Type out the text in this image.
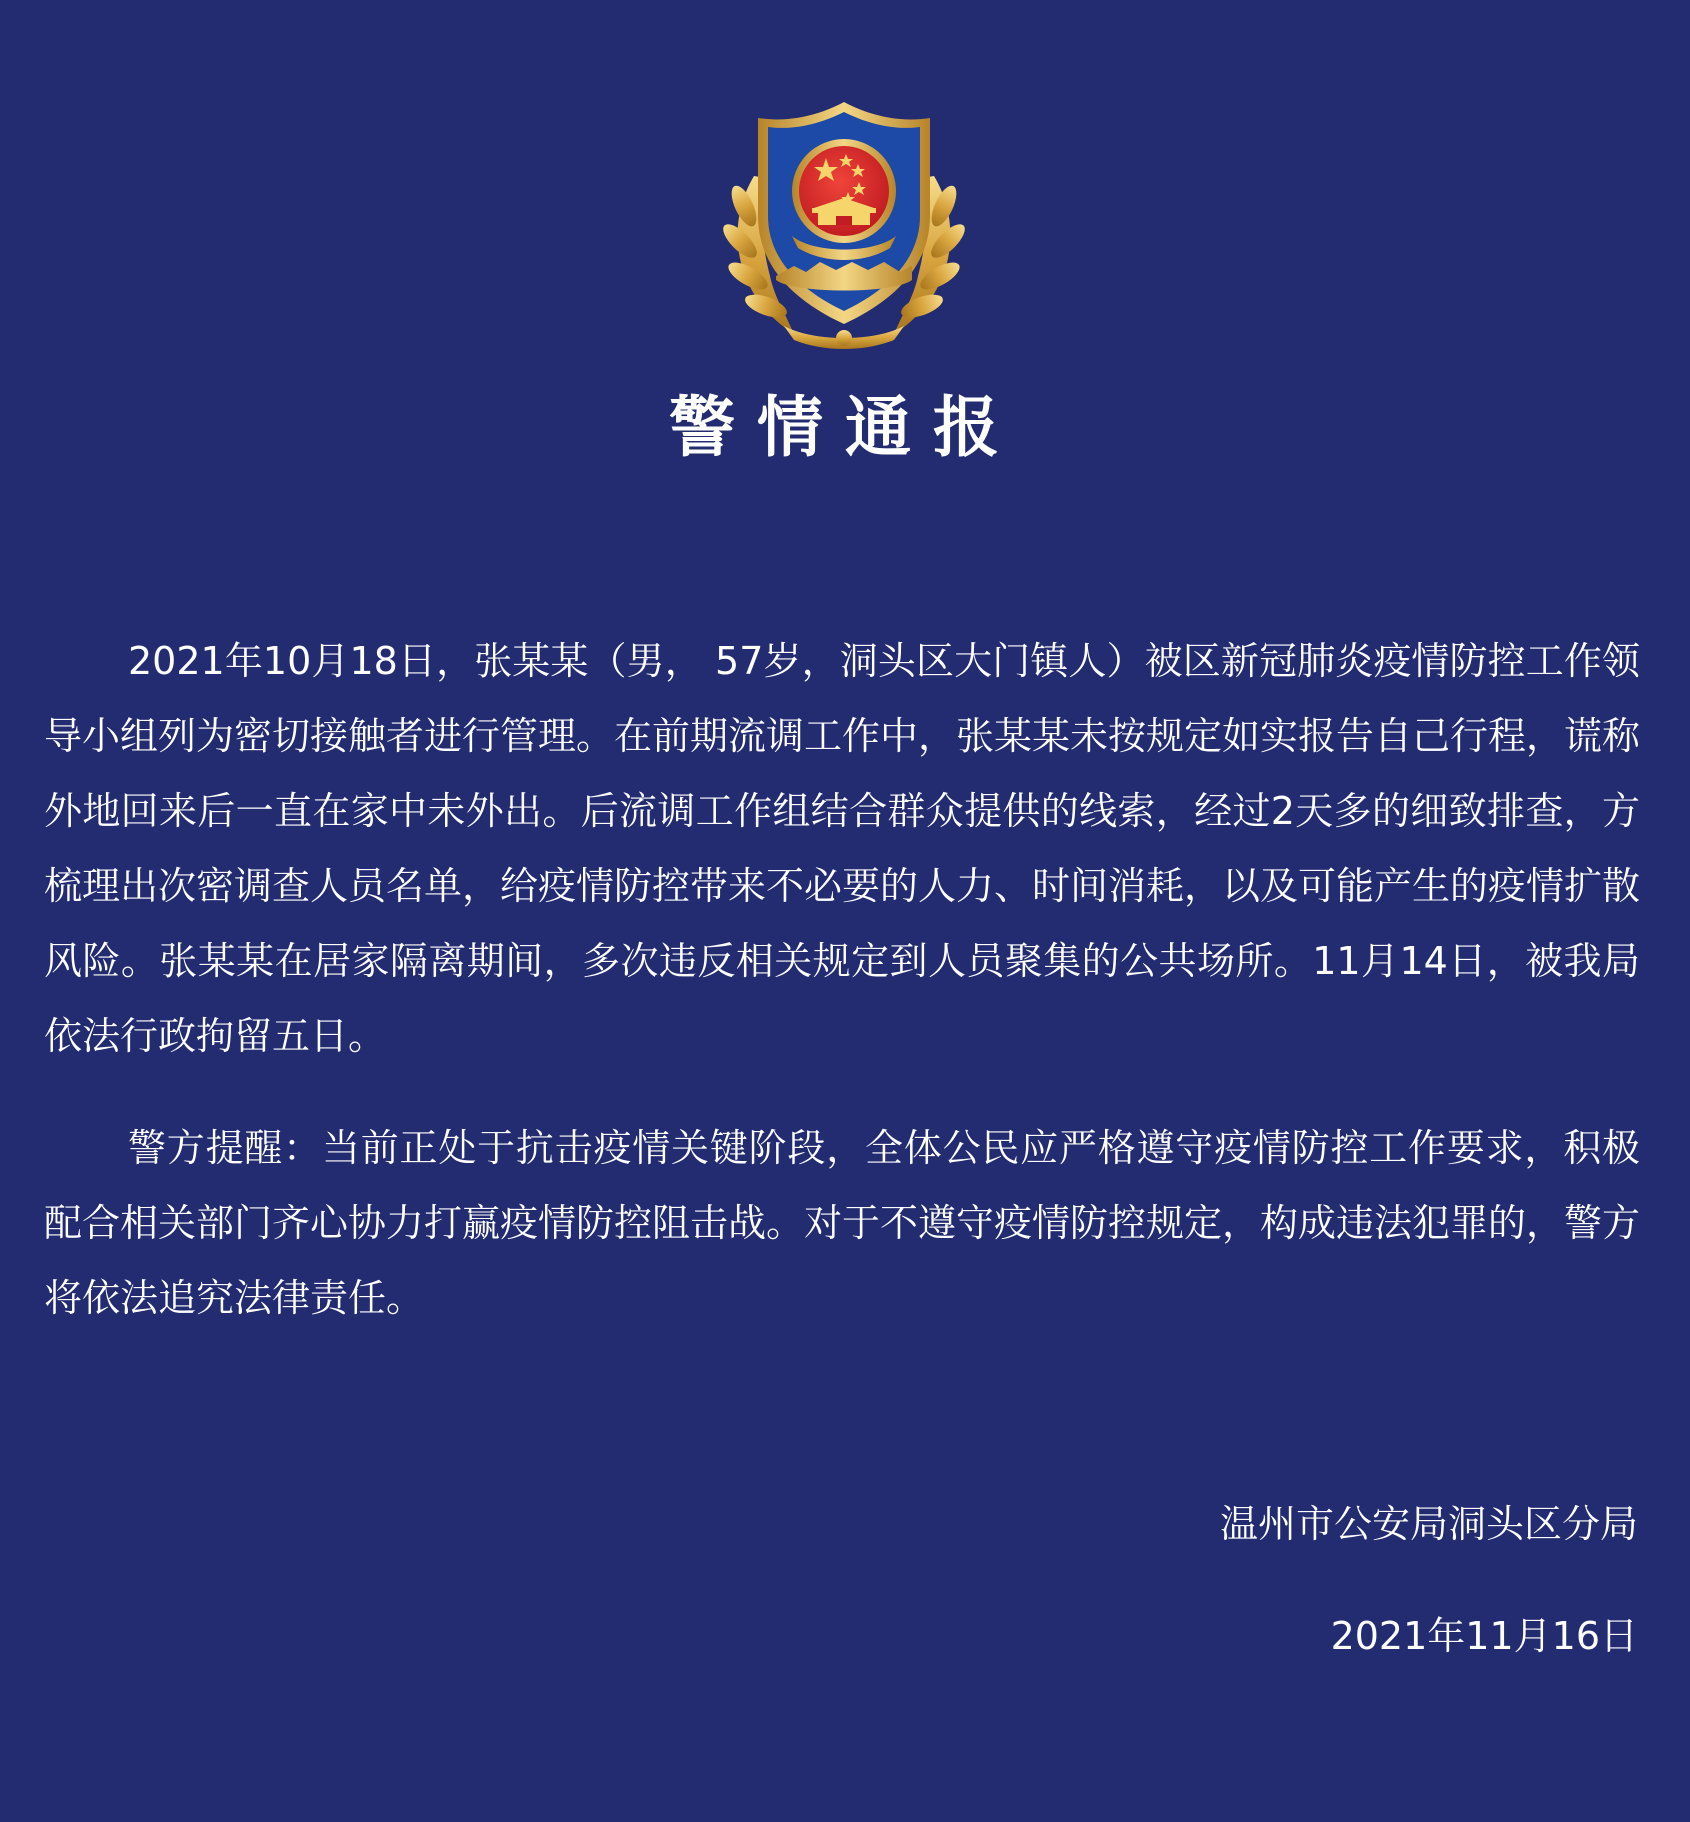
警情通报

2021年10月18日，张某某（男， 57岁，洞头区大门镇人）被区新冠肺炎疫情防控工作领导小组列为密切接触者进行管理。在前期流调工作中，张某某未按规定如实报告自己行程，谎称外地回来后一直在家中未外出。后流调工作组结合群众提供的线索，经过2天多的细致排查，方梳理出次密调查人员名单，给疫情防控带来不必要的人力、时间消耗，以及可能产生的疫情扩散风险。张某某在居家隔离期间，多次违反相关规定到人员聚集的公共场所。11月14日，被我局依法行政拘留五日。

警方提醒：当前正处于抗击疫情关键阶段，全体公民应严格遵守疫情防控工作要求，积极配合相关部门齐心协力打赢疫情防控阻击战。对于不遵守疫情防控规定，构成违法犯罪的，警方将依法追究法律责任。

温州市公安局洞头区分局
2021年11月16日
